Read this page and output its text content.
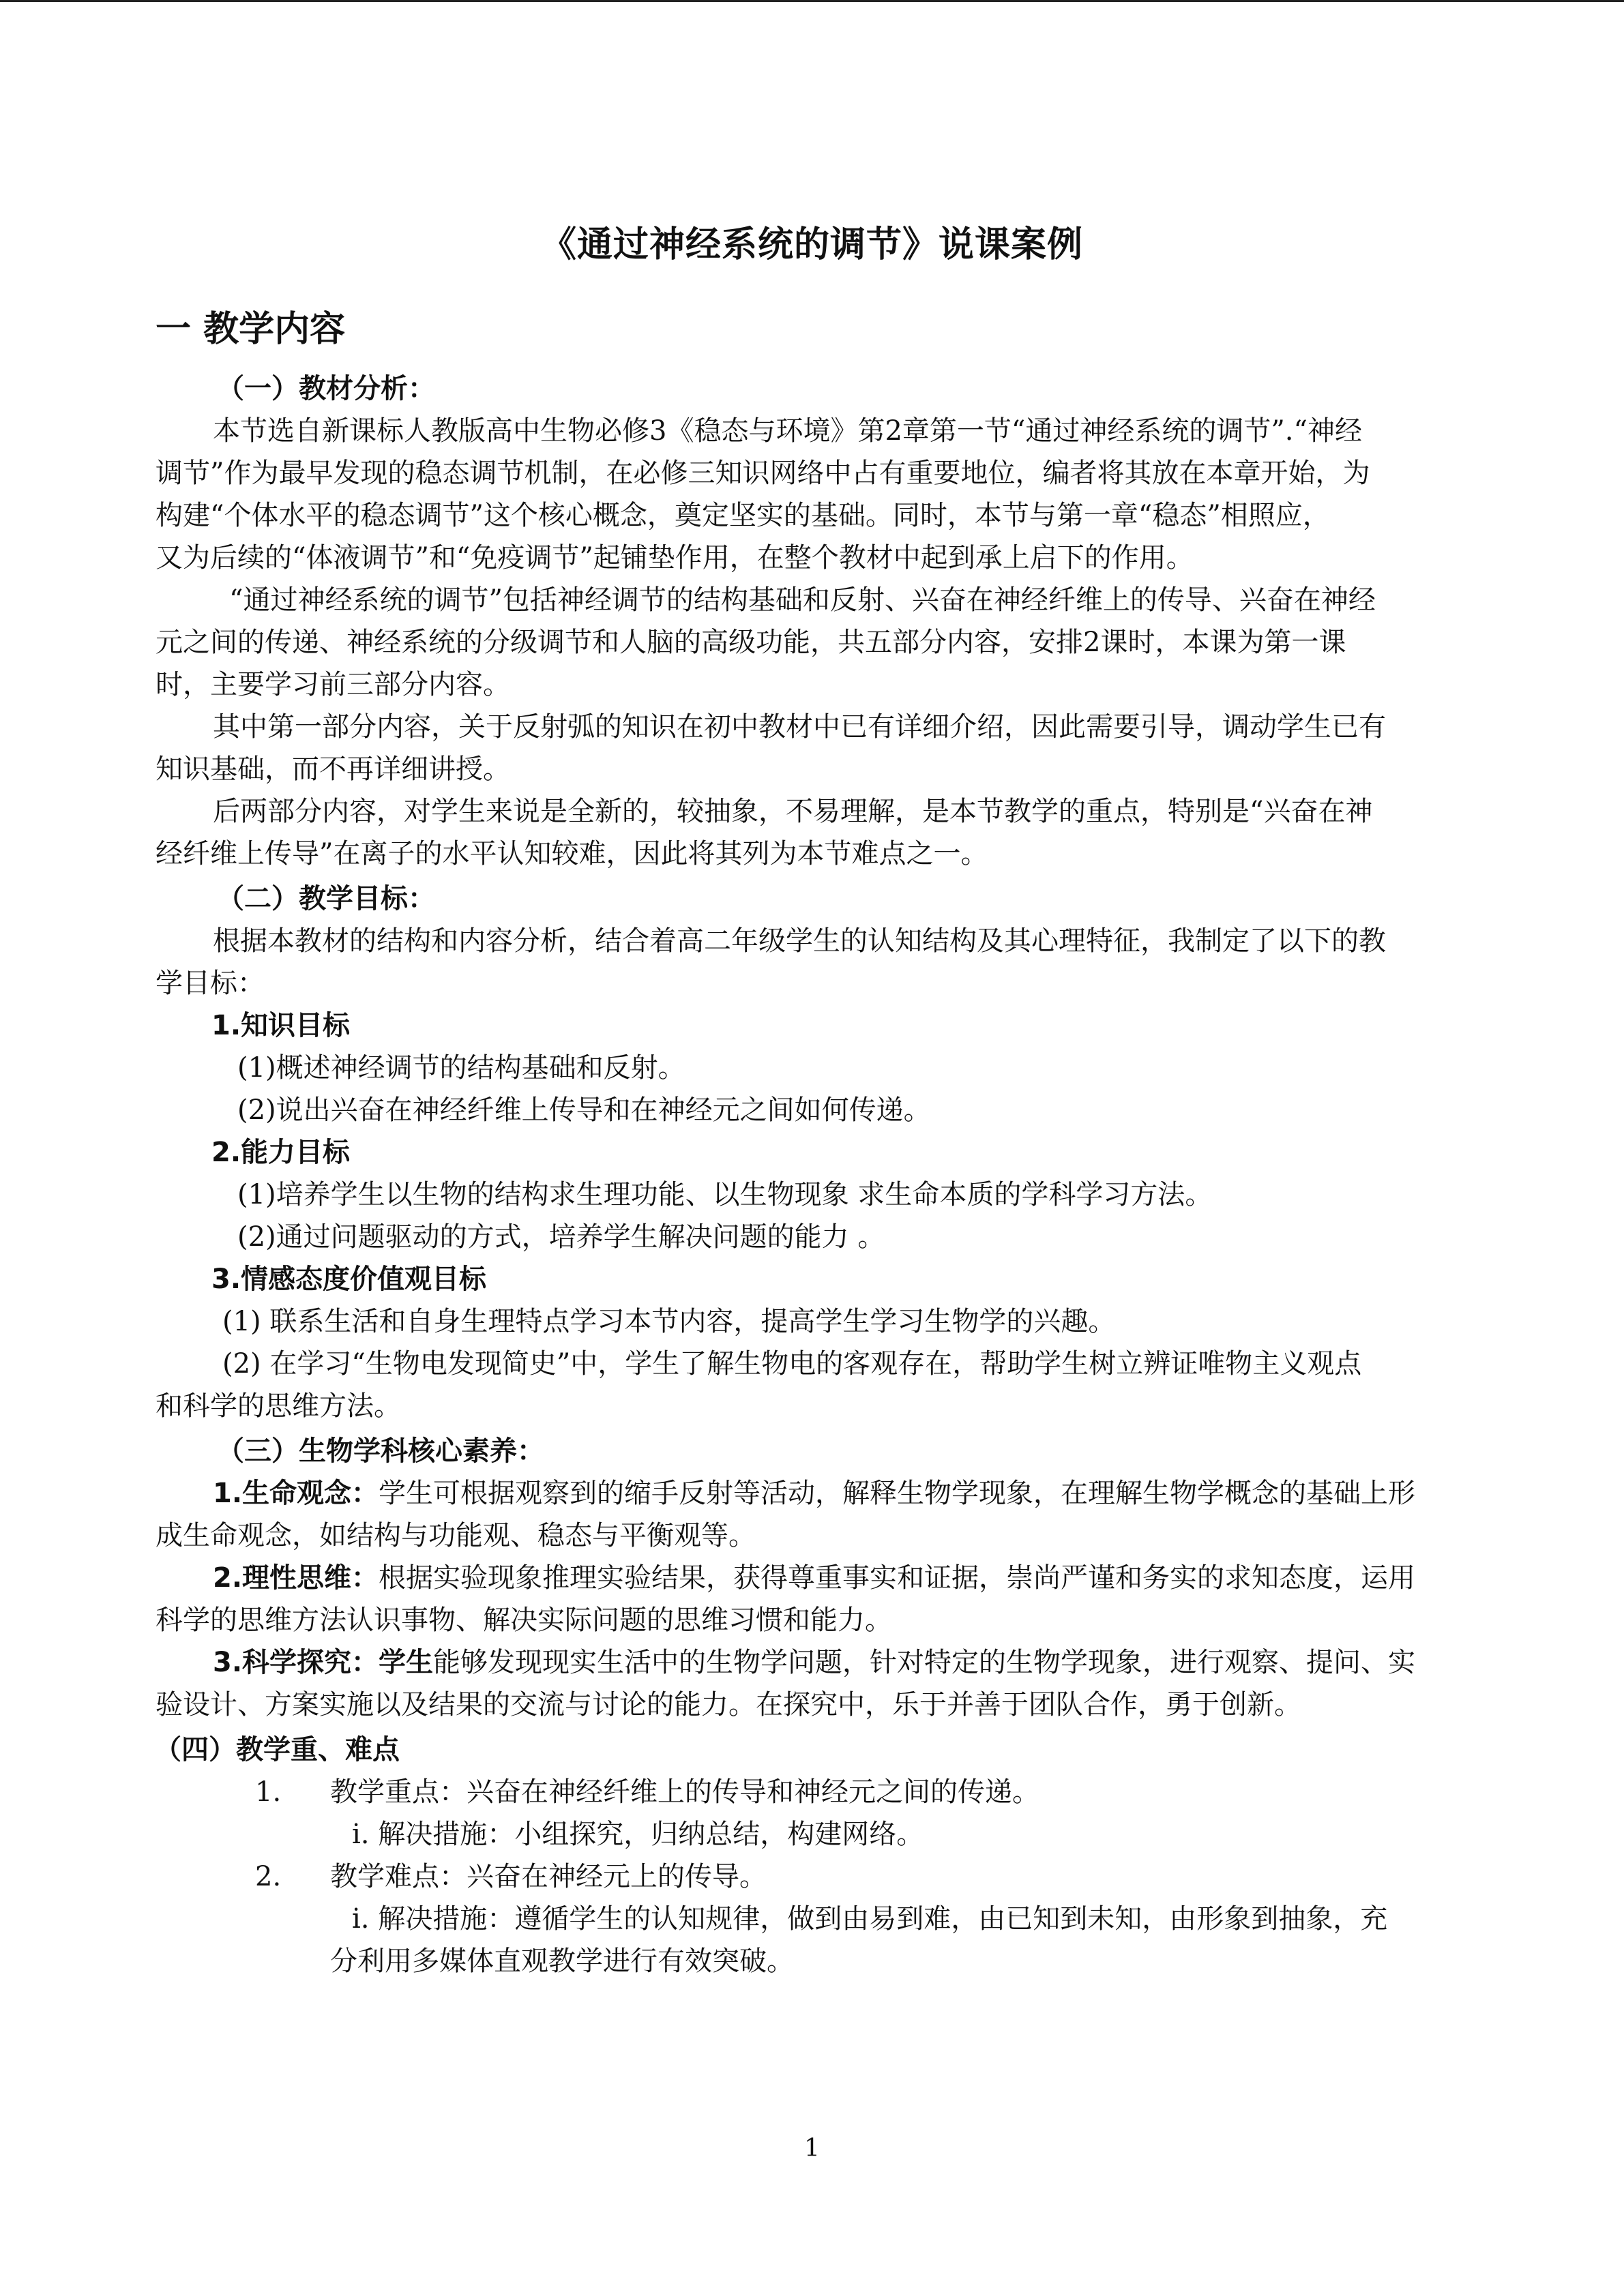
《通过神经系统的调节》说课案例
一 教学内容
（一）教材分析：
本节选自新课标人教版高中生物必修3《稳态与环境》第2章第一节“通过神经系统的调节”.“神经
调节”作为最早发现的稳态调节机制，在必修三知识网络中占有重要地位，编者将其放在本章开始，为
构建“个体水平的稳态调节”这个核心概念，奠定坚实的基础。同时，本节与第一章“稳态”相照应，
又为后续的“体液调节”和“免疫调节”起铺垫作用，在整个教材中起到承上启下的作用。
“通过神经系统的调节”包括神经调节的结构基础和反射、兴奋在神经纤维上的传导、兴奋在神经
元之间的传递、神经系统的分级调节和人脑的高级功能，共五部分内容，安排2课时，本课为第一课
时，主要学习前三部分内容。
其中第一部分内容，关于反射弧的知识在初中教材中已有详细介绍，因此需要引导，调动学生已有
知识基础，而不再详细讲授。
后两部分内容，对学生来说是全新的，较抽象，不易理解，是本节教学的重点，特别是“兴奋在神
经纤维上传导”在离子的水平认知较难，因此将其列为本节难点之一。
（二）教学目标：
根据本教材的结构和内容分析，结合着高二年级学生的认知结构及其心理特征，我制定了以下的教
学目标：
1.知识目标
(1)概述神经调节的结构基础和反射。
(2)说出兴奋在神经纤维上传导和在神经元之间如何传递。
2.能力目标
(1)培养学生以生物的结构求生理功能、以生物现象 求生命本质的学科学习方法。
(2)通过问题驱动的方式，培养学生解决问题的能力 。
3.情感态度价值观目标
(1) 联系生活和自身生理特点学习本节内容，提高学生学习生物学的兴趣。
(2) 在学习“生物电发现简史”中，学生了解生物电的客观存在，帮助学生树立辨证唯物主义观点
和科学的思维方法。
（三）生物学科核心素养：
1.生命观念：学生可根据观察到的缩手反射等活动，解释生物学现象，在理解生物学概念的基础上形
成生命观念，如结构与功能观、稳态与平衡观等。
2.理性思维：根据实验现象推理实验结果，获得尊重事实和证据，崇尚严谨和务实的求知态度，运用
科学的思维方法认识事物、解决实际问题的思维习惯和能力。
3.科学探究：学生能够发现现实生活中的生物学问题，针对特定的生物学现象，进行观察、提问、实
验设计、方案实施以及结果的交流与讨论的能力。在探究中，乐于并善于团队合作，勇于创新。
（四）教学重、难点
1. 教学重点：兴奋在神经纤维上的传导和神经元之间的传递。
i. 解决措施：小组探究，归纳总结，构建网络。
2. 教学难点：兴奋在神经元上的传导。
i. 解决措施：遵循学生的认知规律，做到由易到难，由已知到未知，由形象到抽象，充
分利用多媒体直观教学进行有效突破。
1
